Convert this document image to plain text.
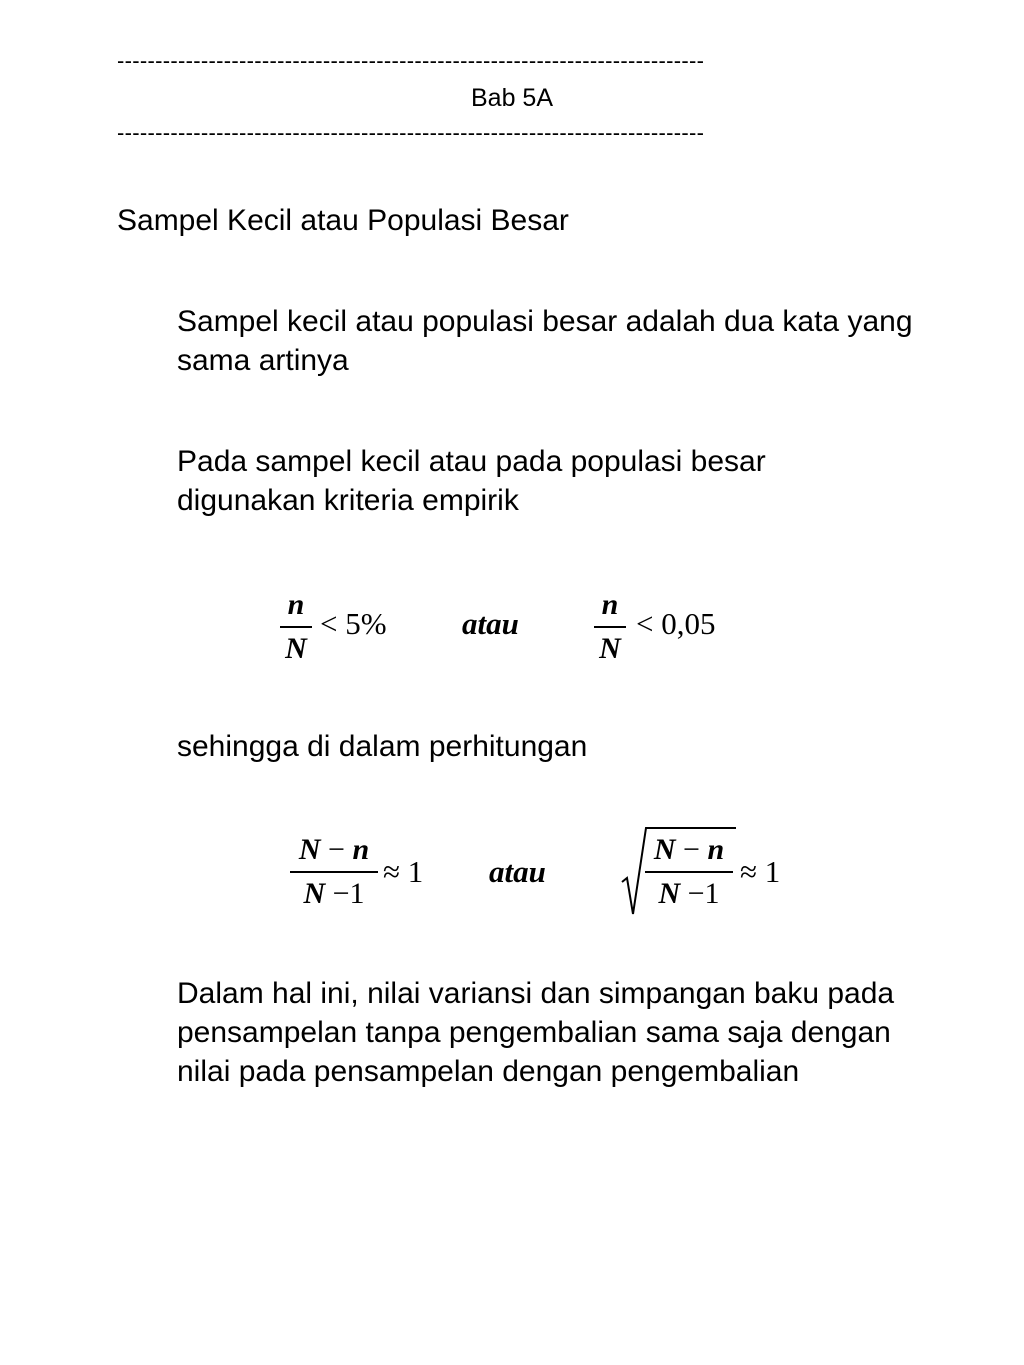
-----------------------------------------------------------------------------
Bab 5A
-----------------------------------------------------------------------------
Sampel Kecil atau Populasi Besar
Sampel kecil atau populasi besar adalah dua kata yang sama artinya
Pada sampel kecil atau pada populasi besar digunakan kriteria empirik
n
N
< 5% atau
n
N
< 0,05
sehingga di dalam perhitungan
N − n
N −1
≈ 1 atau
N − n
N −1
≈ 1
Dalam hal ini, nilai variansi dan simpangan baku pada pensampelan tanpa pengembalian sama saja dengan nilai pada pensampelan dengan pengembalian
